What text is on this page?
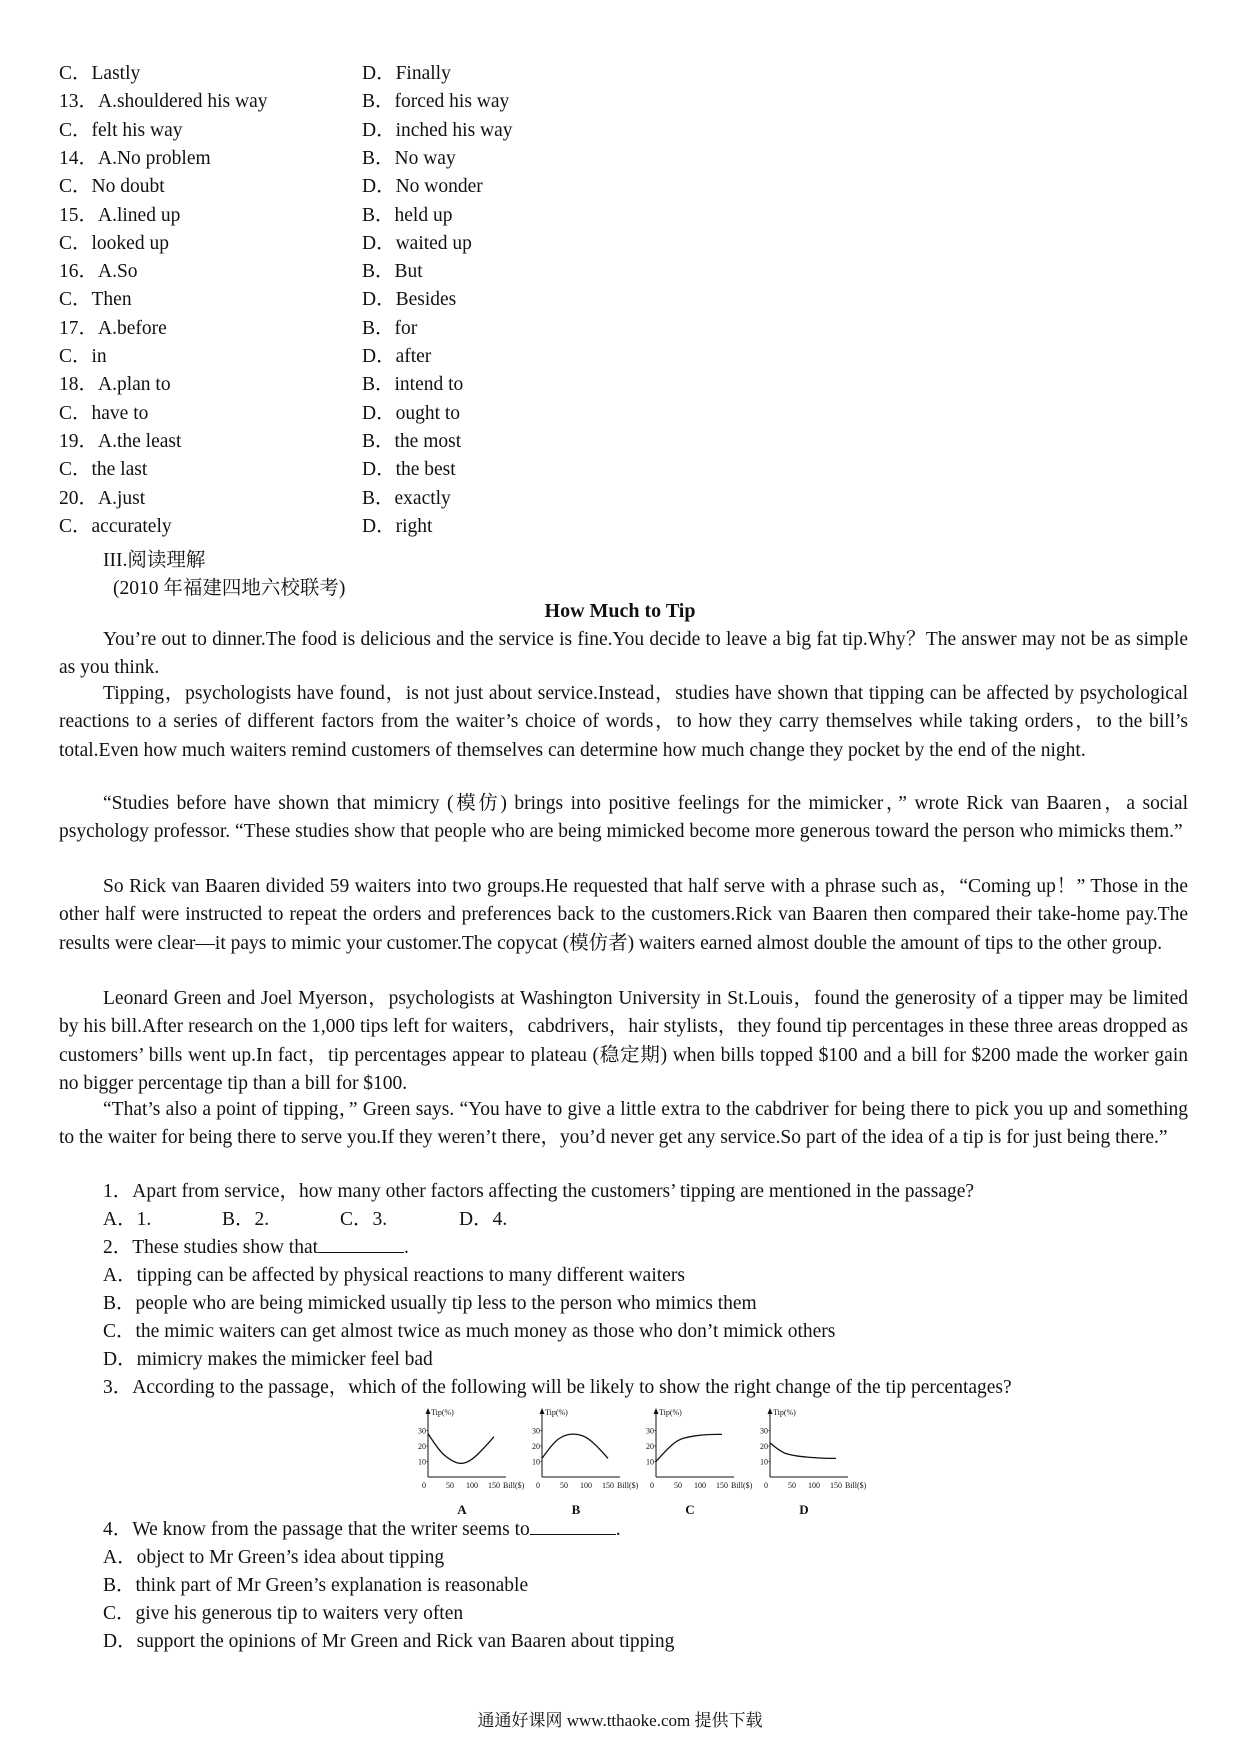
C．Lastly	D．Finally
13．A.shouldered his way	B．forced his way
C．felt his way	D．inched his way
14．A.No problem	B．No way
C．No doubt	D．No wonder
15．A.lined up	B．held up
C．looked up	D．waited up
16．A.So	B．But
C．Then	D．Besides
17．A.before	B．for
C．in	D．after
18．A.plan to	B．intend to
C．have to	D．ought to
19．A.the least	B．the most
C．the last	D．the best
20．A.just	B．exactly
C．accurately	D．right
III.阅读理解
(2010 年福建四地六校联考)
How Much to Tip
You’re out to dinner.The food is delicious and the service is fine.You decide to leave a big fat tip.Why？The answer may not be as simple as you think.
Tipping，psychologists have found，is not just about service.Instead，studies have shown that tipping can be affected by psychological reactions to a series of different factors from the waiter’s choice of words，to how they carry themselves while taking orders，to the bill’s total.Even how much waiters remind customers of themselves can determine how much change they pocket by the end of the night.
“Studies before have shown that mimicry (模仿) brings into positive feelings for the mimicker，” wrote Rick van Baaren，a social psychology professor. “These studies show that people who are being mimicked become more generous toward the person who mimicks them.”
So Rick van Baaren divided 59 waiters into two groups.He requested that half serve with a phrase such as，“Coming up！” Those in the other half were instructed to repeat the orders and preferences back to the customers.Rick van Baaren then compared their take-home pay.The results were clear—it pays to mimic your customer.The copycat (模仿者) waiters earned almost double the amount of tips to the other group.
Leonard Green and Joel Myerson，psychologists at Washington University in St.Louis，found the generosity of a tipper may be limited by his bill.After research on the 1,000 tips left for waiters，cabdrivers，hair stylists，they found tip percentages in these three areas dropped as customers’ bills went up.In fact，tip percentages appear to plateau (稳定期) when bills topped $100 and a bill for $200 made the worker gain no bigger percentage tip than a bill for $100.
“That’s also a point of tipping，” Green says. “You have to give a little extra to the cabdriver for being there to pick you up and something to the waiter for being there to serve you.If they weren’t there，you’d never get any service.So part of the idea of a tip is for just being there.”
1．Apart from service，how many other factors affecting the customers’ tipping are mentioned in the passage?
A．1.	B．2.	C．3.	D．4.
2．These studies show that	.
A．tipping can be affected by physical reactions to many different waiters
B．people who are being mimicked usually tip less to the person who mimics them
C．the mimic waiters can get almost twice as much money as those who don’t mimick others
D．mimicry makes the mimicker feel bad
3．According to the passage，which of the following will be likely to show the right change of the tip percentages?
Tip(%)
10
20
30
0	50 100 150 Bill($)
A
Tip(%)
10
20
30
0	50 100 150 Bill($)
B
Tip(%)
10
20
30
0	50 100 150 Bill($)
C
Tip(%)
10
20
30
0	50 100 150 Bill($)
D
4．We know from the passage that the writer seems to	.
A．object to Mr Green’s idea about tipping
B．think part of Mr Green’s explanation is reasonable
C．give his generous tip to waiters very often
D．support the opinions of Mr Green and Rick van Baaren about tipping
通通好课网 www.tthaoke.com 提供下载
